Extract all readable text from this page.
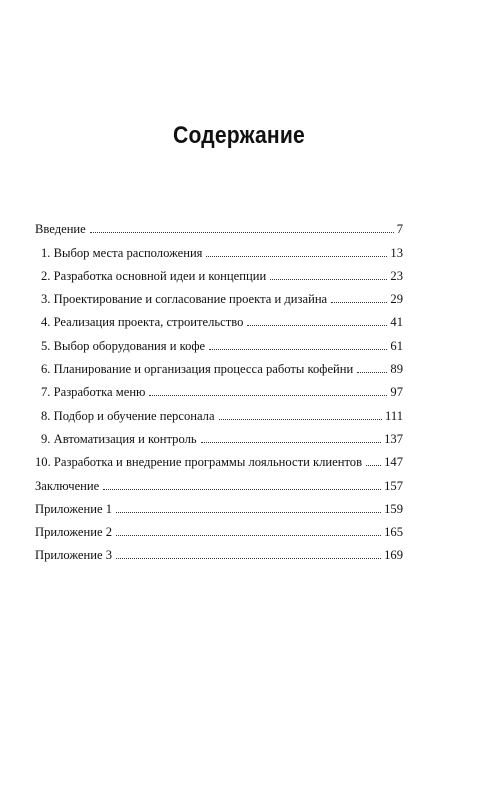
Содержание
Введение	7
1. Выбор места расположения	13
2. Разработка основной идеи и концепции	23
3. Проектирование и согласование проекта и дизайна	29
4. Реализация проекта, строительство	41
5. Выбор оборудования и кофе	61
6. Планирование и организация процесса работы кофейни	89
7. Разработка меню	97
8. Подбор и обучение персонала	111
9. Автоматизация и контроль	137
10. Разработка и внедрение программы лояльности клиентов 147
Заключение	157
Приложение 1	159
Приложение 2	165
Приложение 3	169
